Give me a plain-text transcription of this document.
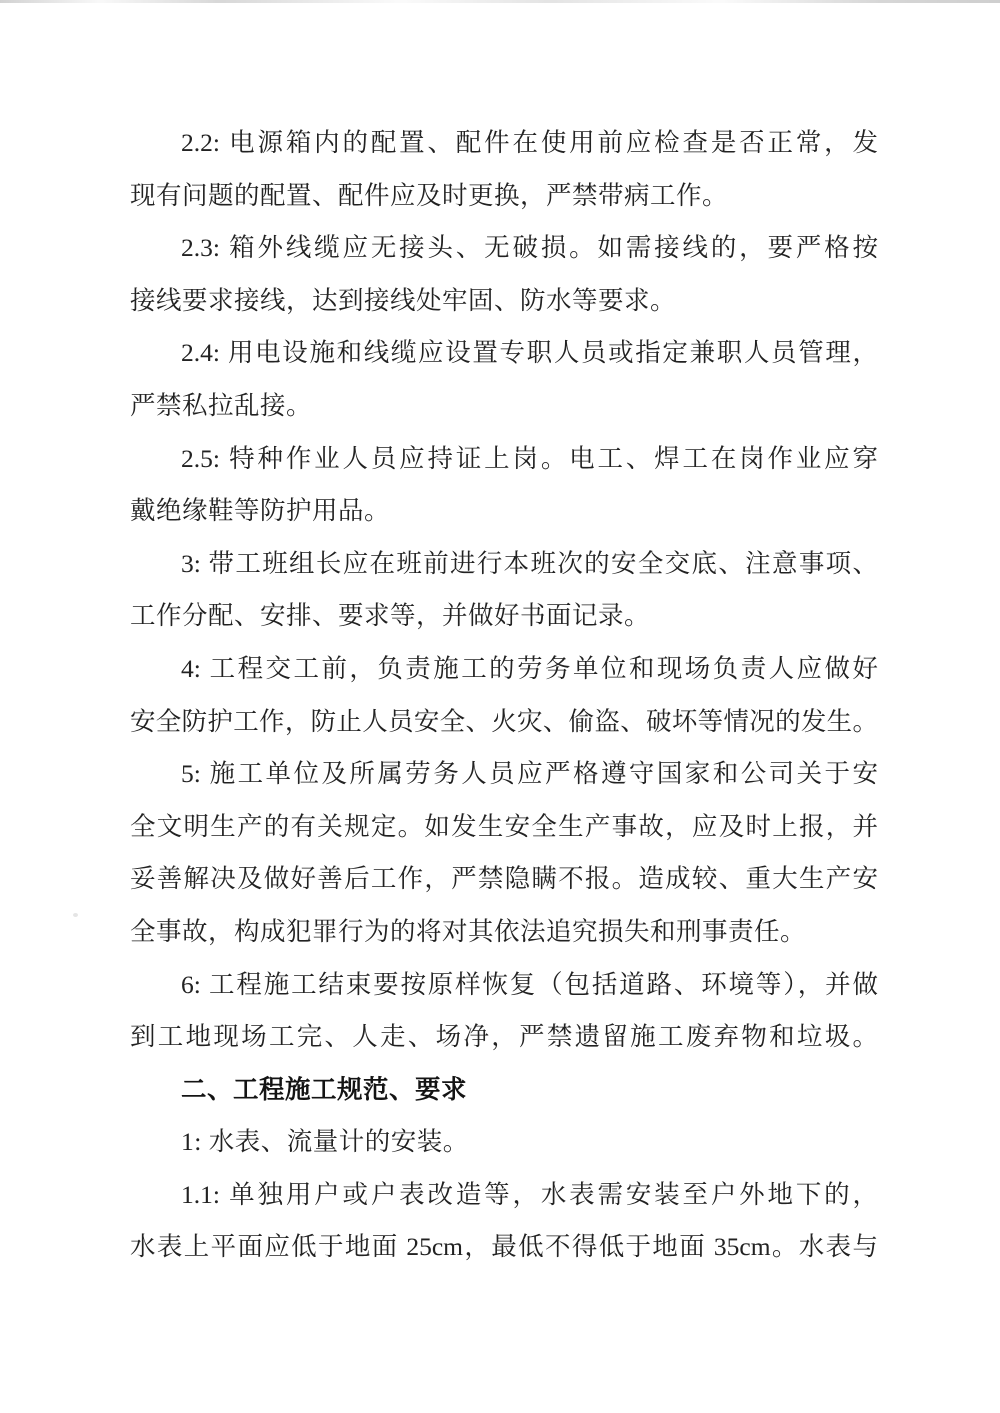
2.2: 电源箱内的配置、配件在使用前应检查是否正常，发
现有问题的配置、配件应及时更换，严禁带病工作。
2.3: 箱外线缆应无接头、无破损。如需接线的，要严格按
接线要求接线，达到接线处牢固、防水等要求。
2.4: 用电设施和线缆应设置专职人员或指定兼职人员管理，
严禁私拉乱接。
2.5: 特种作业人员应持证上岗。电工、焊工在岗作业应穿
戴绝缘鞋等防护用品。
3: 带工班组长应在班前进行本班次的安全交底、注意事项、
工作分配、安排、要求等，并做好书面记录。
4: 工程交工前，负责施工的劳务单位和现场负责人应做好
安全防护工作，防止人员安全、火灾、偷盗、破坏等情况的发生。
5: 施工单位及所属劳务人员应严格遵守国家和公司关于安
全文明生产的有关规定。如发生安全生产事故，应及时上报，并
妥善解决及做好善后工作，严禁隐瞒不报。造成较、重大生产安
全事故，构成犯罪行为的将对其依法追究损失和刑事责任。
6: 工程施工结束要按原样恢复（包括道路、环境等），并做
到工地现场工完、人走、场净，严禁遗留施工废弃物和垃圾。
二、工程施工规范、要求
1: 水表、流量计的安装。
1.1: 单独用户或户表改造等，水表需安装至户外地下的，
水表上平面应低于地面 25cm，最低不得低于地面 35cm。水表与
